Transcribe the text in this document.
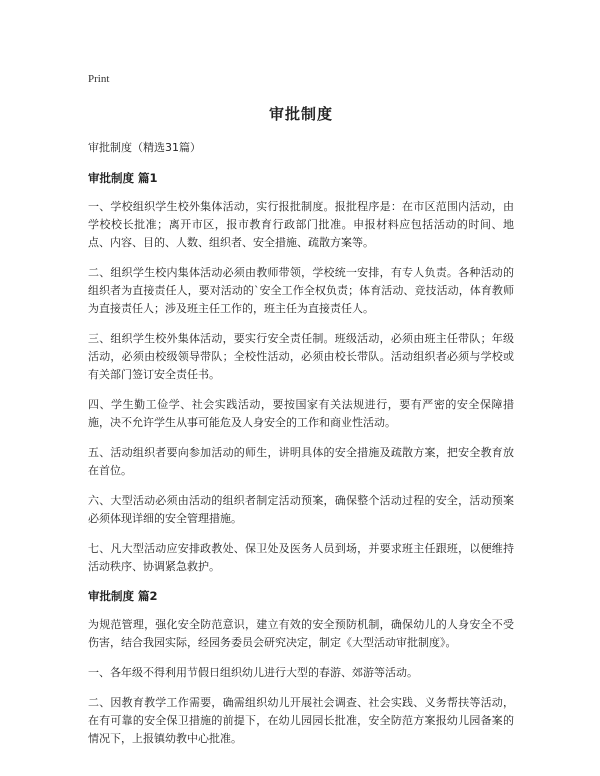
Print
审批制度
审批制度（精选31篇）
审批制度 篇1

一、学校组织学生校外集体活动，实行报批制度。报批程序是：在市区范围内活动，由学校校长批准；离开市区，报市教育行政部门批准。申报材料应包括活动的时间、地点、内容、目的、人数、组织者、安全措施、疏散方案等。

二、组织学生校内集体活动必须由教师带领，学校统一安排，有专人负责。各种活动的组织者为直接责任人，要对活动的`安全工作全权负责；体育活动、竞技活动，体育教师为直接责任人；涉及班主任工作的，班主任为直接责任人。

三、组织学生校外集体活动，要实行安全责任制。班级活动，必须由班主任带队；年级活动，必须由校级领导带队；全校性活动，必须由校长带队。活动组织者必须与学校或有关部门签订安全责任书。

四、学生勤工俭学、社会实践活动，要按国家有关法规进行，要有严密的安全保障措施，决不允许学生从事可能危及人身安全的工作和商业性活动。

五、活动组织者要向参加活动的师生，讲明具体的安全措施及疏散方案，把安全教育放在首位。

六、大型活动必须由活动的组织者制定活动预案，确保整个活动过程的安全，活动预案必须体现详细的安全管理措施。

七、凡大型活动应安排政教处、保卫处及医务人员到场，并要求班主任跟班，以便维持活动秩序、协调紧急救护。

审批制度 篇2

为规范管理，强化安全防范意识，建立有效的安全预防机制，确保幼儿的人身安全不受伤害，结合我园实际，经园务委员会研究决定，制定《大型活动审批制度》。

一、各年级不得利用节假日组织幼儿进行大型的春游、郊游等活动。

二、因教育教学工作需要，确需组织幼儿开展社会调查、社会实践、义务帮扶等活动，在有可靠的安全保卫措施的前提下，在幼儿园园长批准，安全防范方案报幼儿园备案的情况下，上报镇幼教中心批准。
